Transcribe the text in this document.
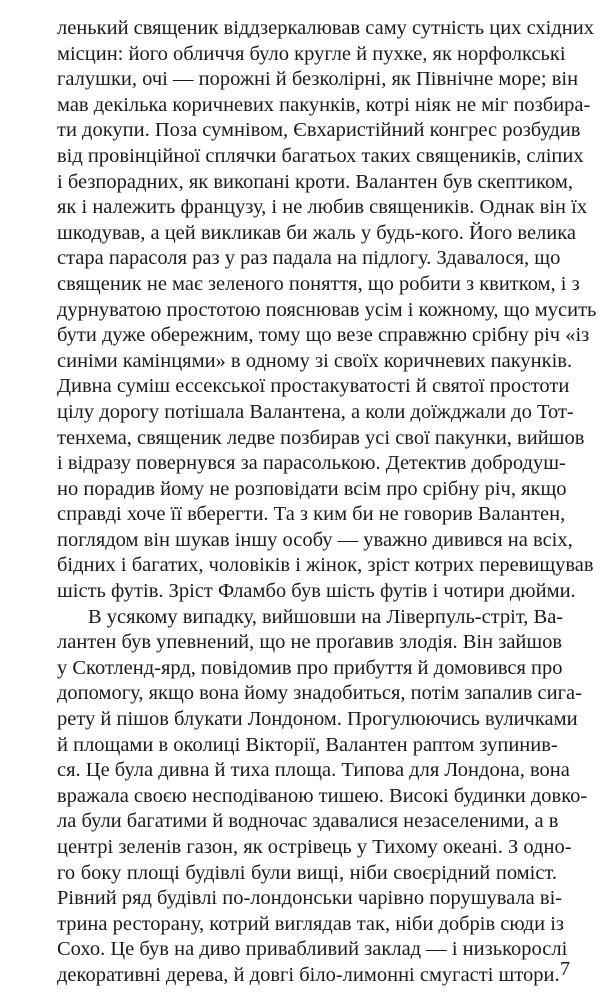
ленький священик віддзеркалював саму сутність цих східних
місцин: його обличчя було кругле й пухке, як норфолкські
галушки, очі — порожні й безколірні, як Північне море; він
мав декілька коричневих пакунків, котрі ніяк не міг позбира-
ти докупи. Поза сумнівом, Євхаристійний конгрес розбудив
від провінційної сплячки багатьох таких священиків, сліпих
і безпорадних, як викопані кроти. Валантен був скептиком,
як і належить французу, і не любив священиків. Однак він їх
шкодував, а цей викликав би жаль у будь-кого. Його велика
стара парасоля раз у раз падала на підлогу. Здавалося, що
священик не має зеленого поняття, що робити з квитком, і з
дурнуватою простотою пояснював усім і кожному, що мусить
бути дуже обережним, тому що везе справжню срібну річ «із
синіми камінцями» в одному зі своїх коричневих пакунків.
Дивна суміш ессекської простакуватості й святої простоти
цілу дорогу потішала Валантена, а коли доїжджали до Тот-
тенхема, священик ледве позбирав усі свої пакунки, вийшов
і відразу повернувся за парасолькою. Детектив добродуш-
но порадив йому не розповідати всім про срібну річ, якщо
справді хоче її вберегти. Та з ким би не говорив Валантен,
поглядом він шукав іншу особу — уважно дивився на всіх,
бідних і багатих, чоловіків і жінок, зріст котрих перевищував
шість футів. Зріст Фламбо був шість футів і чотири дюйми.
В усякому випадку, вийшовши на Ліверпуль-стріт, Ва-
лантен був упевнений, що не проґавив злодія. Він зайшов
у Скотленд-ярд, повідомив про прибуття й домовився про
допомогу, якщо вона йому знадобиться, потім запалив сига-
рету й пішов блукати Лондоном. Прогулюючись вуличками
й площами в околиці Вікторії, Валантен раптом зупинив-
ся. Це була дивна й тиха площа. Типова для Лондона, вона
вражала своєю несподіваною тишею. Високі будинки довко-
ла були багатими й водночас здавалися незаселеними, а в
центрі зеленів газон, як острівець у Тихому океані. З одно-
го боку площі будівлі були вищі, ніби своєрідний поміст.
Рівний ряд будівлі по-лондонськи чарівно порушувала ві-
трина ресторану, котрий виглядав так, ніби добрів сюди із
Сохо. Це був на диво привабливий заклад — і низькорослі
декоративні дерева, й довгі біло-лимонні смугасті штори. 7
